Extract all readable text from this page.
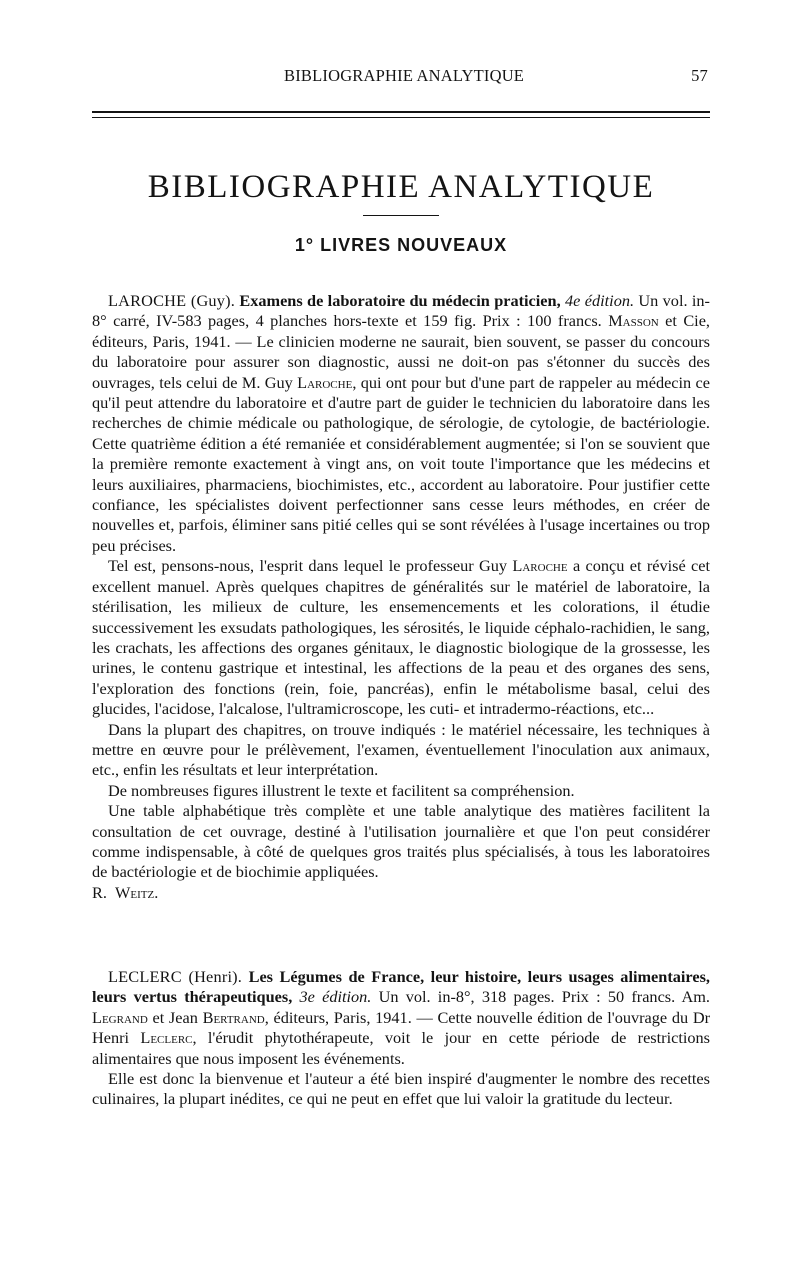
BIBLIOGRAPHIE ANALYTIQUE	57
BIBLIOGRAPHIE ANALYTIQUE
1° LIVRES NOUVEAUX

LAROCHE (Guy). Examens de laboratoire du médecin praticien, 4e édition. Un vol. in-8° carré, IV-583 pages, 4 planches hors-texte et 159 fig. Prix : 100 francs. Masson et Cie, éditeurs, Paris, 1941. — Le clinicien moderne ne saurait, bien souvent, se passer du concours du laboratoire pour assurer son diagnostic, aussi ne doit-on pas s'étonner du succès des ouvrages, tels celui de M. Guy Laroche, qui ont pour but d'une part de rappeler au médecin ce qu'il peut attendre du laboratoire et d'autre part de guider le technicien du laboratoire dans les recherches de chimie médicale ou pathologique, de sérologie, de cytologie, de bactériologie. Cette quatrième édition a été remaniée et considérablement augmentée; si l'on se souvient que la première remonte exactement à vingt ans, on voit toute l'importance que les médecins et leurs auxiliaires, pharmaciens, biochimistes, etc., accordent au laboratoire. Pour justifier cette confiance, les spécialistes doivent perfectionner sans cesse leurs méthodes, en créer de nouvelles et, parfois, éliminer sans pitié celles qui se sont révélées à l'usage incertaines ou trop peu précises.

Tel est, pensons-nous, l'esprit dans lequel le professeur Guy Laroche a conçu et révisé cet excellent manuel. Après quelques chapitres de généralités sur le matériel de laboratoire, la stérilisation, les milieux de culture, les ensemencements et les colorations, il étudie successivement les exsudats pathologiques, les sérosités, le liquide céphalo-rachidien, le sang, les crachats, les affections des organes génitaux, le diagnostic biologique de la grossesse, les urines, le contenu gastrique et intestinal, les affections de la peau et des organes des sens, l'exploration des fonctions (rein, foie, pancréas), enfin le métabolisme basal, celui des glucides, l'acidose, l'alcalose, l'ultramicroscope, les cuti- et intradermo-réactions, etc...

Dans la plupart des chapitres, on trouve indiqués : le matériel nécessaire, les techniques à mettre en œuvre pour le prélèvement, l'examen, éventuellement l'inoculation aux animaux, etc., enfin les résultats et leur interprétation.

De nombreuses figures illustrent le texte et facilitent sa compréhension.

Une table alphabétique très complète et une table analytique des matières facilitent la consultation de cet ouvrage, destiné à l'utilisation journalière et que l'on peut considérer comme indispensable, à côté de quelques gros traités plus spécialisés, à tous les laboratoires de bactériologie et de biochimie appliquées.

R. Weitz.

LECLERC (Henri). Les Légumes de France, leur histoire, leurs usages alimentaires, leurs vertus thérapeutiques, 3e édition. Un vol. in-8°, 318 pages. Prix : 50 francs. Am. Legrand et Jean Bertrand, éditeurs, Paris, 1941. — Cette nouvelle édition de l'ouvrage du Dr Henri Leclerc, l'érudit phytothérapeute, voit le jour en cette période de restrictions alimentaires que nous imposent les événements.

Elle est donc la bienvenue et l'auteur a été bien inspiré d'augmenter le nombre des recettes culinaires, la plupart inédites, ce qui ne peut en effet que lui valoir la gratitude du lecteur.
